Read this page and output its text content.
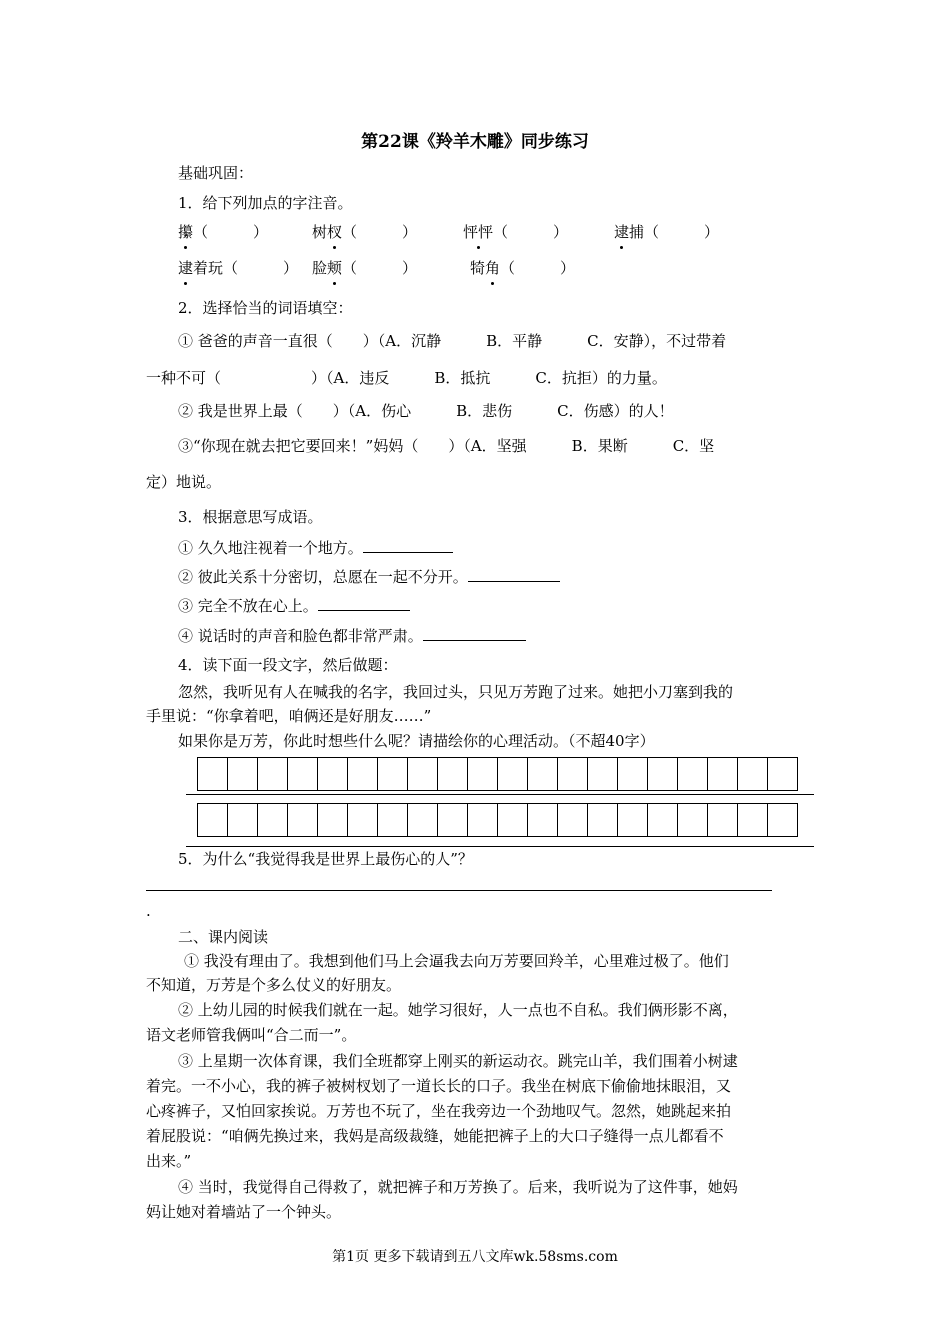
第22课《羚羊木雕》同步练习
基础巩固：
1．给下列加点的字注音。
攥（　　　）	树杈（　　　）	怦怦（　　　）	逮捕（　　　）
逮着玩（　　　） 脸颊（　　　）	犄角（　　　）
2．选择恰当的词语填空：
① 爸爸的声音一直很（　　）（A．沉静　　　B．平静　　　C．安静），不过带着
一种不可（　　　　　　）（A．违反　　　B．抵抗　　　C．抗拒）的力量。
② 我是世界上最（　　）（A．伤心　　　B．悲伤　　　C．伤感）的人！
③“你现在就去把它要回来！”妈妈（　　）（A．坚强　　　B．果断　　　C．坚
定）地说。
3．根据意思写成语。
① 久久地注视着一个地方。
② 彼此关系十分密切，总愿在一起不分开。
③ 完全不放在心上。
④ 说话时的声音和脸色都非常严肃。
4．读下面一段文字，然后做题：
忽然，我听见有人在喊我的名字，我回过头，只见万芳跑了过来。她把小刀塞到我的
手里说：“你拿着吧，咱俩还是好朋友……”
如果你是万芳，你此时想些什么呢？请描绘你的心理活动。（不超40字）
5．为什么“我觉得我是世界上最伤心的人”？
.
二、课内阅读
① 我没有理由了。我想到他们马上会逼我去向万芳要回羚羊，心里难过极了。他们
不知道，万芳是个多么仗义的好朋友。
② 上幼儿园的时候我们就在一起。她学习很好，人一点也不自私。我们俩形影不离，
语文老师管我俩叫“合二而一”。
③ 上星期一次体育课，我们全班都穿上刚买的新运动衣。跳完山羊，我们围着小树逮
着完。一不小心，我的裤子被树杈划了一道长长的口子。我坐在树底下偷偷地抹眼泪，又
心疼裤子，又怕回家挨说。万芳也不玩了，坐在我旁边一个劲地叹气。忽然，她跳起来拍
着屁股说：“咱俩先换过来，我妈是高级裁缝，她能把裤子上的大口子缝得一点儿都看不
出来。”
④ 当时，我觉得自己得救了，就把裤子和万芳换了。后来，我听说为了这件事，她妈
妈让她对着墙站了一个钟头。
第1页 更多下载请到五八文库wk.58sms.com
